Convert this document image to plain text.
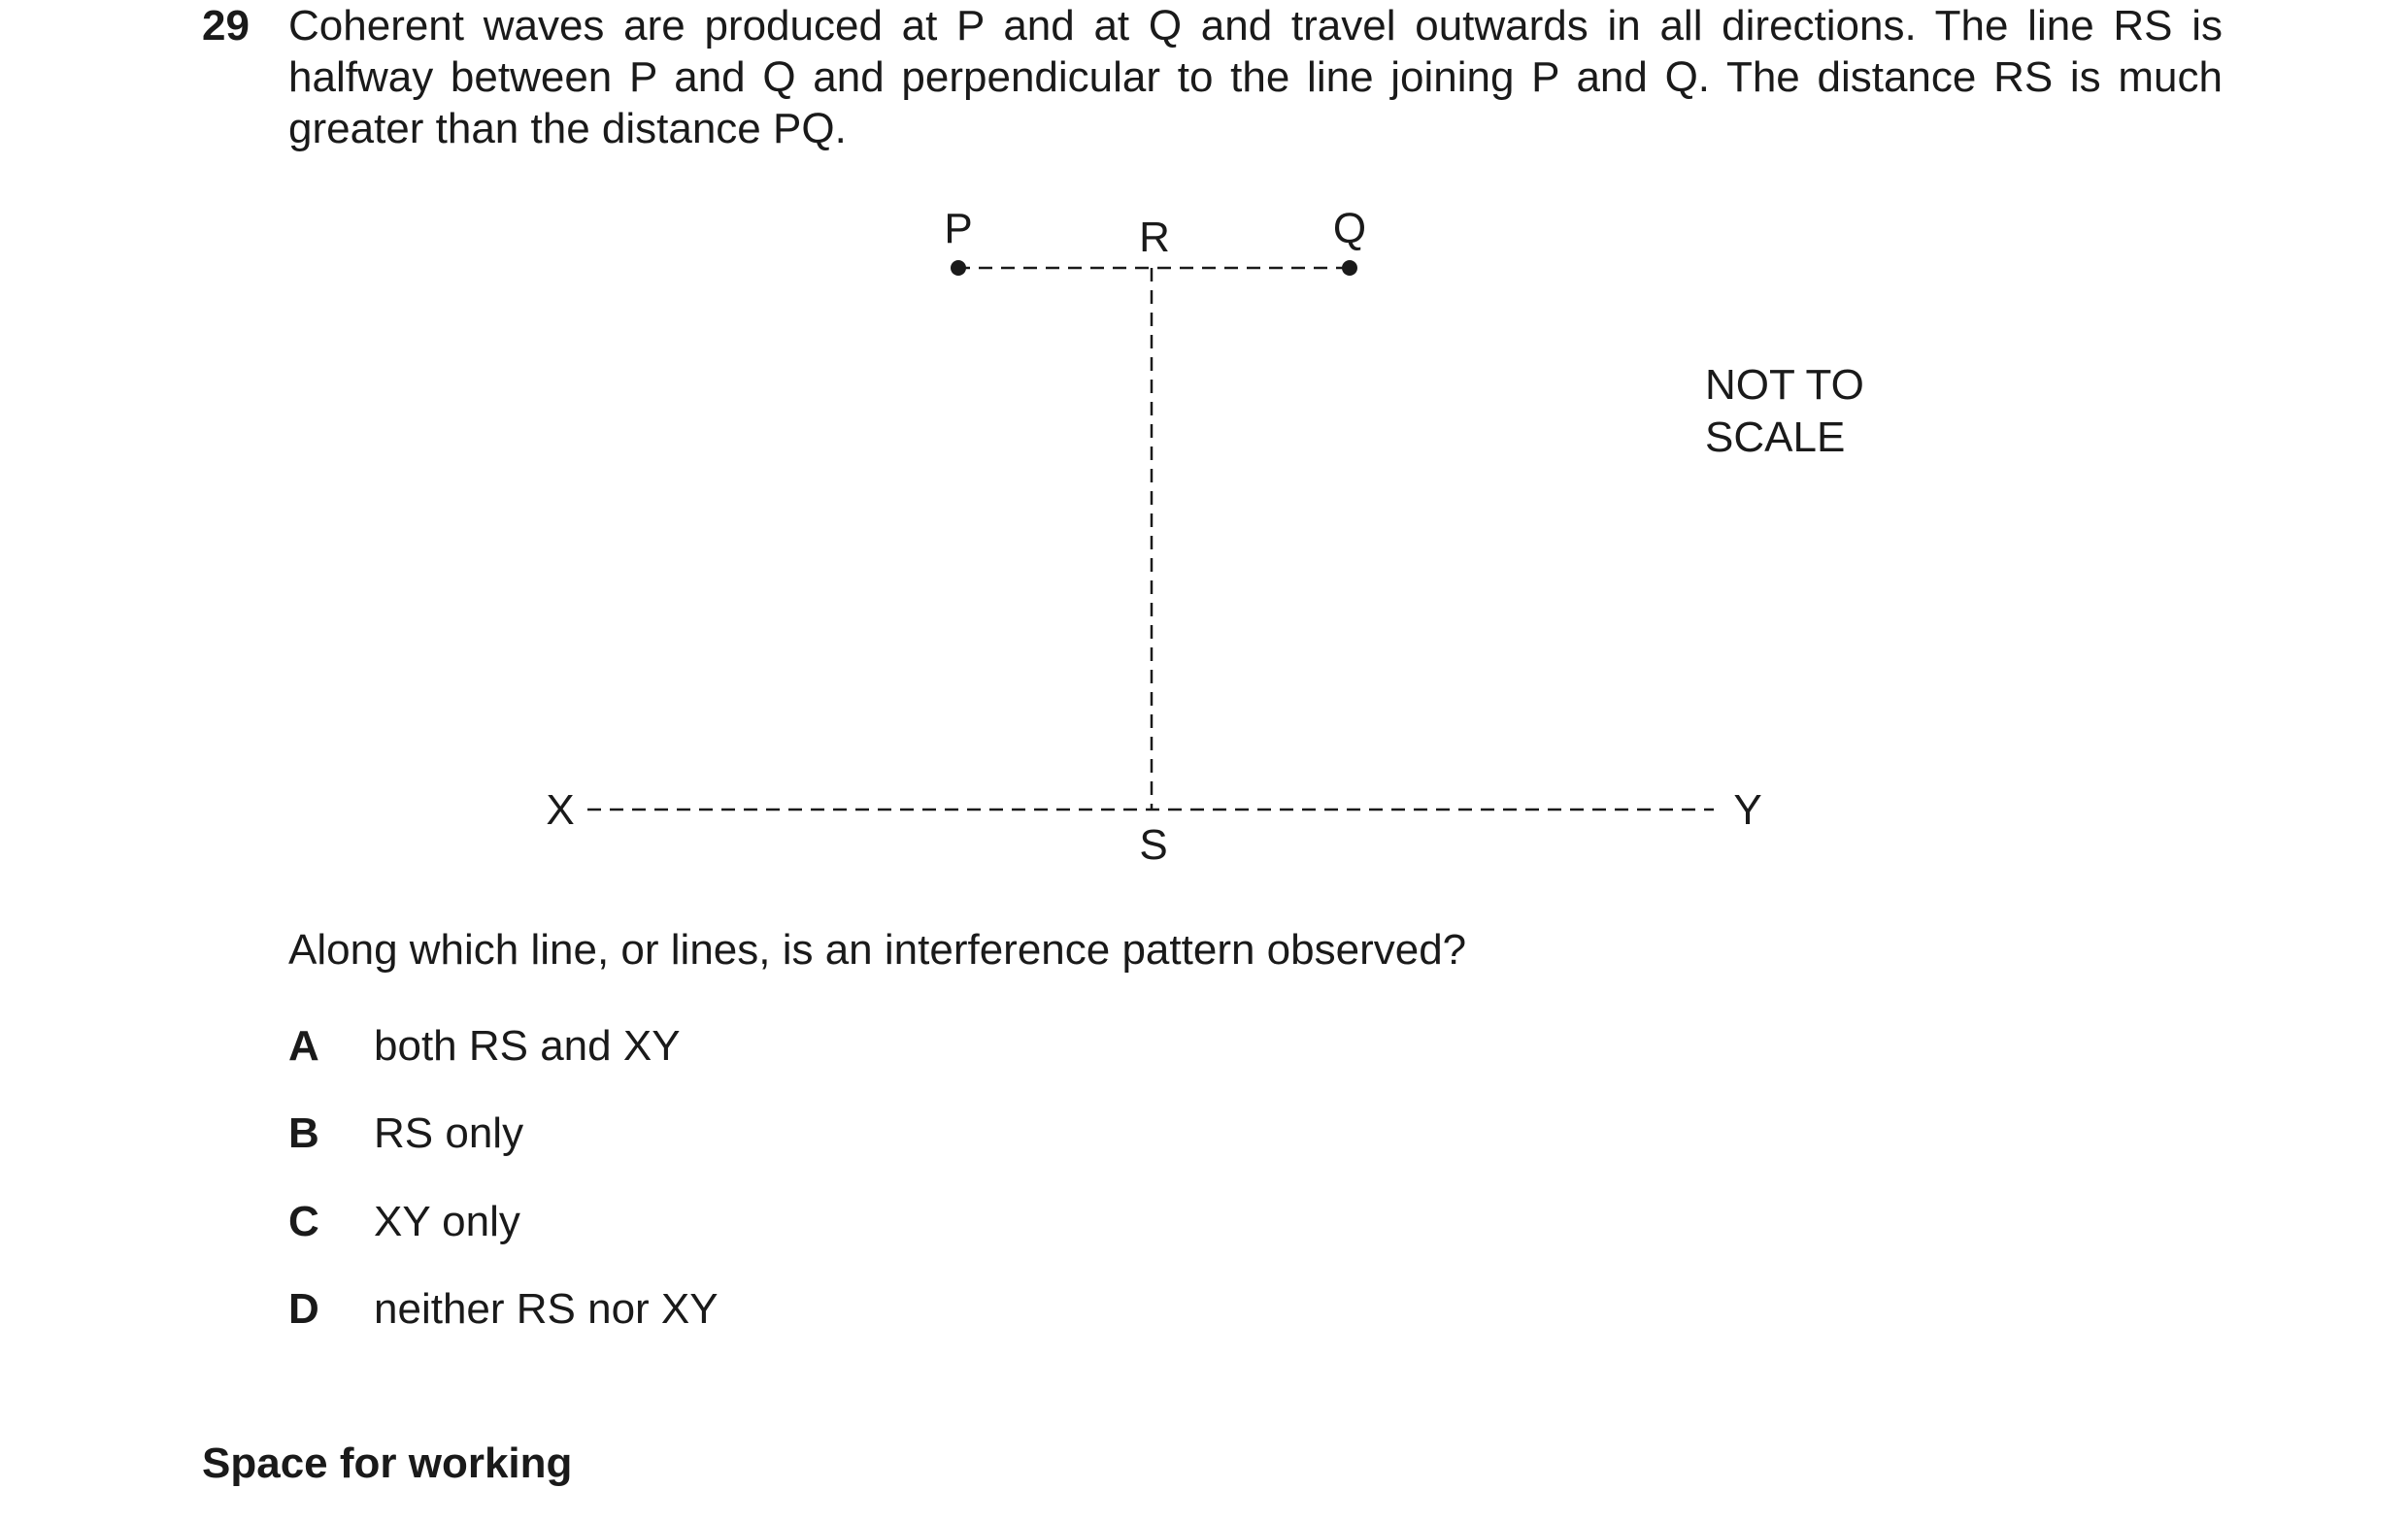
29 Coherent waves are produced at P and at Q and travel outwards in all directions. The line RS is
halfway between P and Q and perpendicular to the line joining P and Q. The distance RS is much
greater than the distance PQ.
P	R	Q
X	Y
S
NOT TO
SCALE
Along which line, or lines, is an interference pattern observed?
A both RS and XY
B RS only
C XY only
D neither RS nor XY
Space for working
